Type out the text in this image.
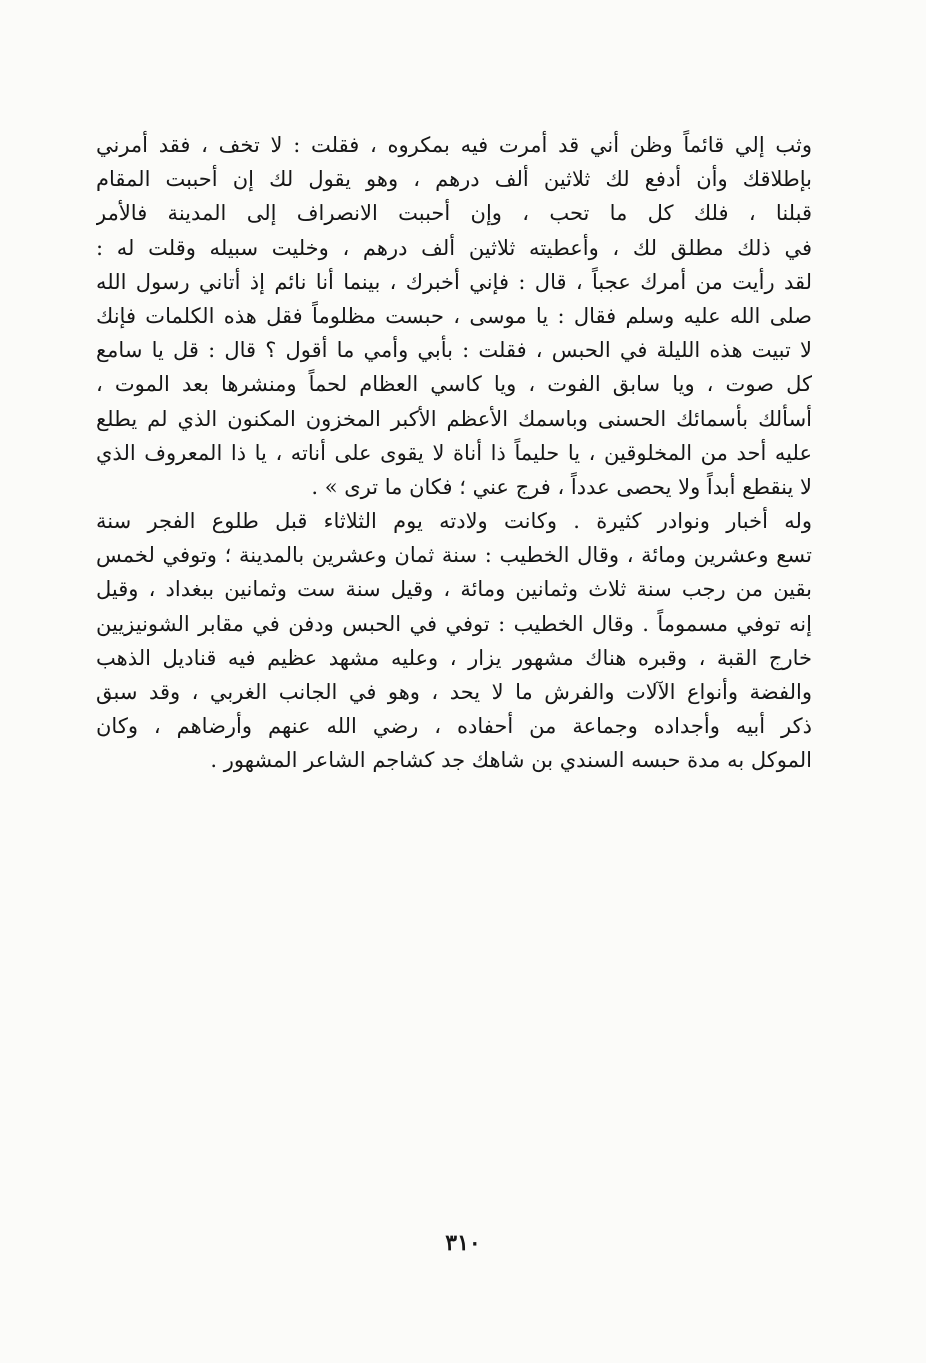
وثب إلي قائماً وظن أني قد أمرت فيه بمكروه ، فقلت : لا تخف ، فقد أمرني
بإطلاقك وأن أدفع لك ثلاثين ألف درهم ، وهو يقول لك إن أحببت المقام
قبلنا ، فلك كل ما تحب ، وإن أحببت الانصراف إلى المدينة فالأمر
في ذلك مطلق لك ، وأعطيته ثلاثين ألف درهم ، وخليت سبيله وقلت له :
لقد رأيت من أمرك عجباً ، قال : فإني أخبرك ، بينما أنا نائم إذ أتاني رسول الله
صلى الله عليه وسلم فقال : يا موسى ، حبست مظلوماً فقل هذه الكلمات فإنك
لا تبيت هذه الليلة في الحبس ، فقلت : بأبي وأمي ما أقول ؟ قال : قل يا سامع
كل صوت ، ويا سابق الفوت ، ويا كاسي العظام لحماً ومنشرها بعد الموت ،
أسألك بأسمائك الحسنى وباسمك الأعظم الأكبر المخزون المكنون الذي لم يطلع
عليه أحد من المخلوقين ، يا حليماً ذا أناة لا يقوى على أناته ، يا ذا المعروف الذي
لا ينقطع أبداً ولا يحصى عدداً ، فرج عني ؛ فكان ما ترى » .
وله أخبار ونوادر كثيرة . وكانت ولادته يوم الثلاثاء قبل طلوع الفجر سنة
تسع وعشرين ومائة ، وقال الخطيب : سنة ثمان وعشرين بالمدينة ؛ وتوفي لخمس
بقين من رجب سنة ثلاث وثمانين ومائة ، وقيل سنة ست وثمانين ببغداد ، وقيل
إنه توفي مسموماً . وقال الخطيب : توفي في الحبس ودفن في مقابر الشونيزيين
خارج القبة ، وقبره هناك مشهور يزار ، وعليه مشهد عظيم فيه قناديل الذهب
والفضة وأنواع الآلات والفرش ما لا يحد ، وهو في الجانب الغربي ، وقد سبق
ذكر أبيه وأجداده وجماعة من أحفاده ، رضي الله عنهم وأرضاهم ، وكان
الموكل به مدة حبسه السندي بن شاهك جد كشاجم الشاعر المشهور .
٣١٠
